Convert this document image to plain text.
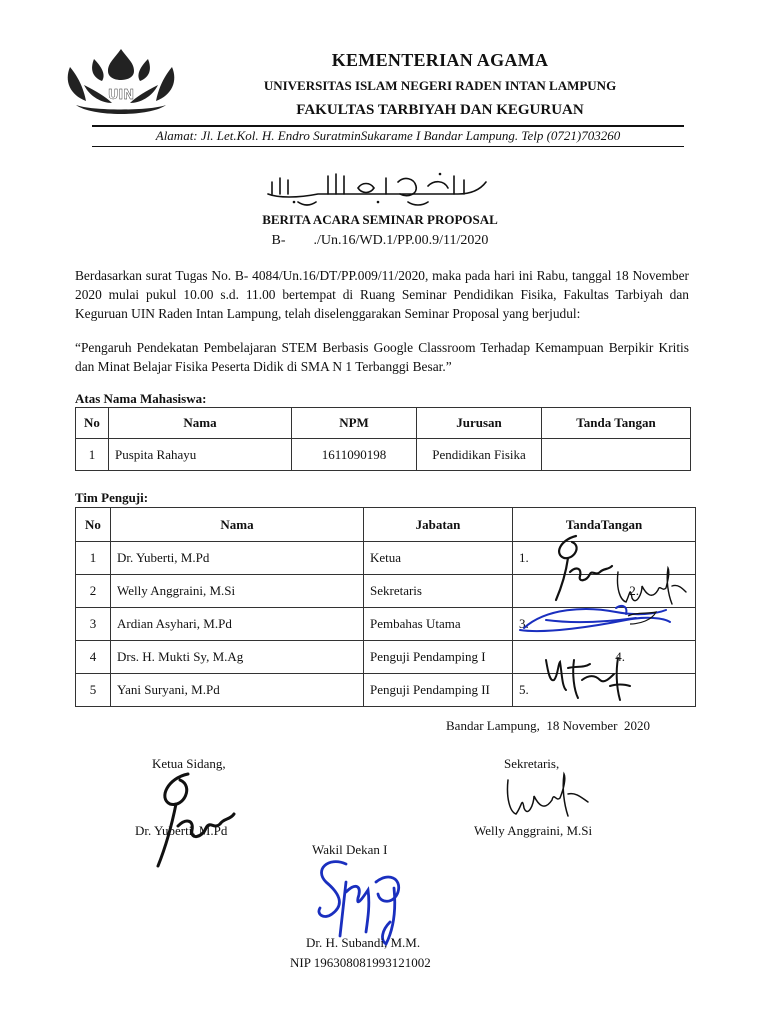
UIN
KEMENTERIAN AGAMA
UNIVERSITAS ISLAM NEGERI RADEN INTAN LAMPUNG
FAKULTAS TARBIYAH DAN KEGURUAN
Alamat: Jl. Let.Kol. H. Endro SuratminSukarame I Bandar Lampung. Telp (0721)703260
BERITA ACARA SEMINAR PROPOSAL
B-        ./Un.16/WD.1/PP.00.9/11/2020
Berdasarkan surat Tugas No. B- 4084/Un.16/DT/PP.009/11/2020, maka pada hari ini Rabu, tanggal 18 November 2020 mulai pukul 10.00 s.d. 11.00 bertempat di Ruang Seminar Pendidikan Fisika, Fakultas Tarbiyah dan Keguruan UIN Raden Intan Lampung, telah diselenggarakan Seminar Proposal yang berjudul:
“Pengaruh Pendekatan Pembelajaran STEM Berbasis Google Classroom Terhadap Kemampuan Berpikir Kritis dan Minat Belajar Fisika Peserta Didik di SMA N 1 Terbanggi Besar.”
Atas Nama Mahasiswa:
No	Nama	NPM	Jurusan	Tanda Tangan
1	Puspita Rahayu	1611090198	Pendidikan Fisika	
Tim Penguji:
No	Nama	Jabatan	TandaTangan
1	Dr. Yuberti, M.Pd	Ketua	1.
2	Welly Anggraini, M.Si	Sekretaris	2.
3	Ardian Asyhari, M.Pd	Pembahas Utama	3.
4	Drs. H. Mukti Sy, M.Ag	Penguji Pendamping I	4.
5	Yani Suryani, M.Pd	Penguji Pendamping II	5.
Bandar Lampung,  18 November  2020
Ketua Sidang,	Sekretaris,
Dr. Yuberti, M.Pd	Welly Anggraini, M.Si
Wakil Dekan I
Dr. H. Subandi, M.M.
NIP 196308081993121002
